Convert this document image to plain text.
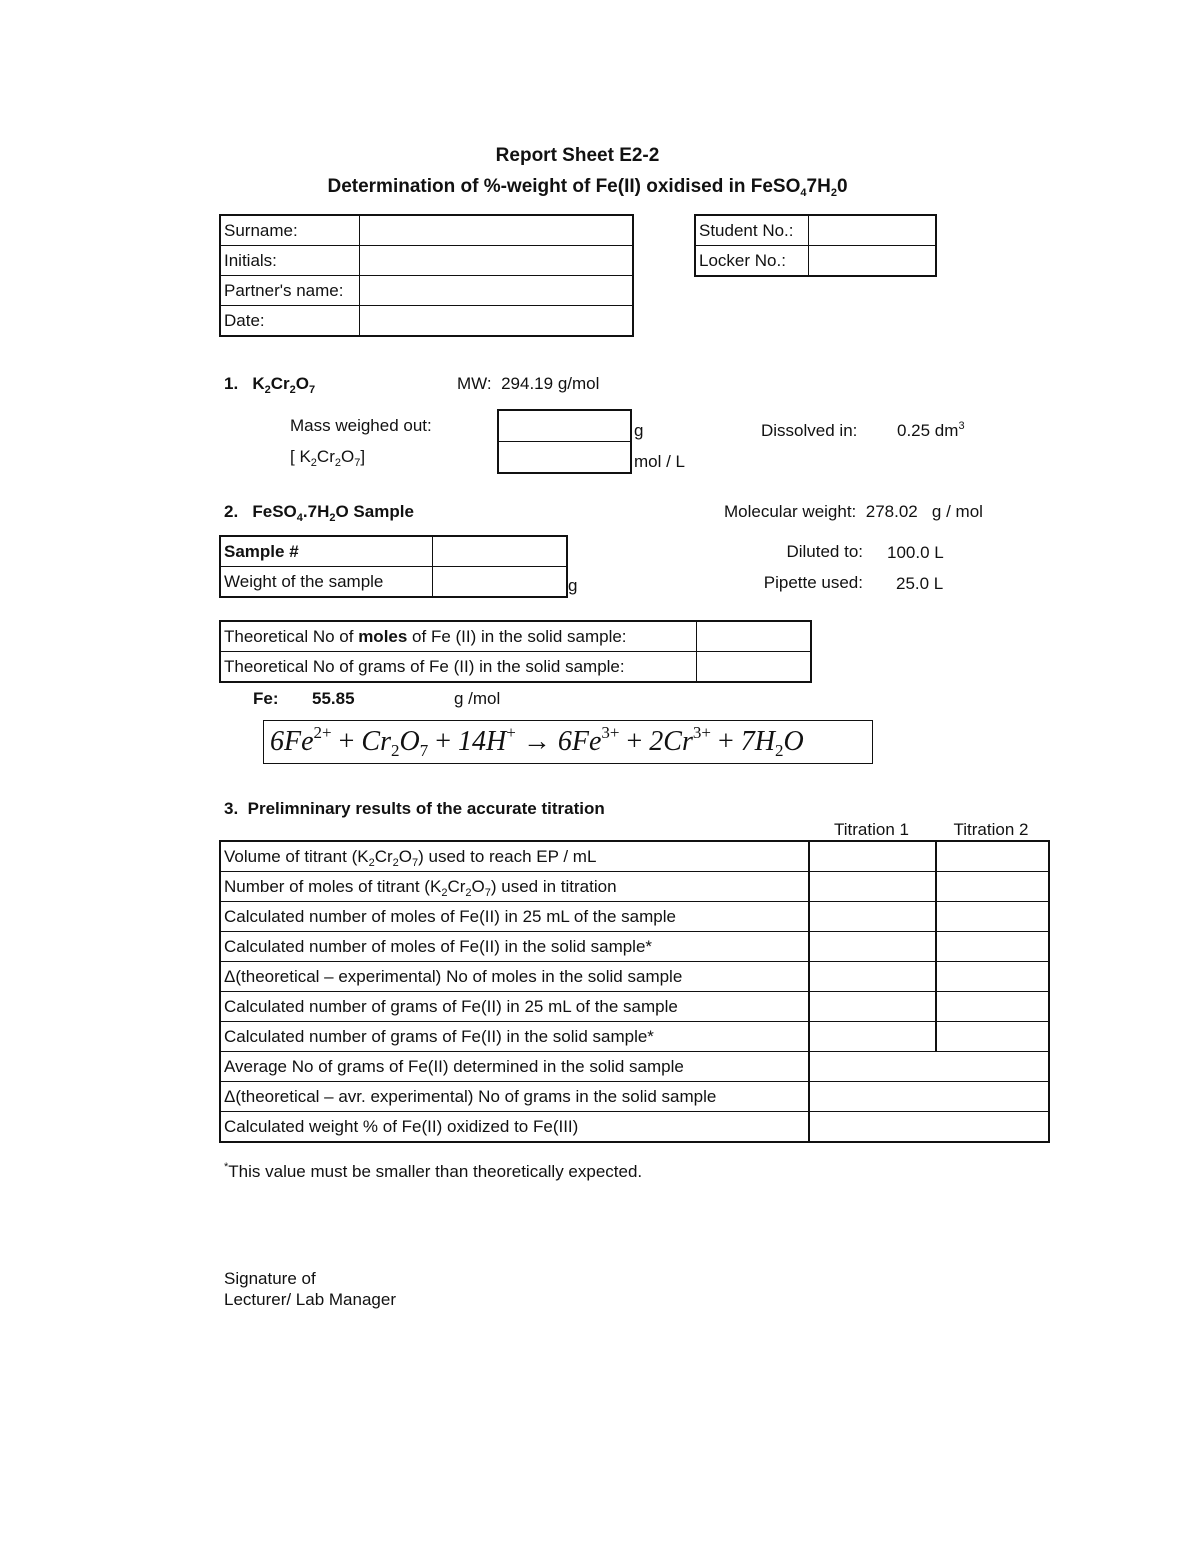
Report Sheet E2-2
Determination of %-weight of Fe(II) oxidised in $FeSO_47H_20$
Surname:	
Initials:	
Partner's name:	
Date:	
Student No.:	
Locker No.:	
1. $K_2Cr_2O_7$	MW: 294.19 g/mol
Mass weighed out:
[ $K_2Cr_2O_7$]
g
mol / L
Dissolved in: 0.25 $dm^3$
2. $FeSO_4.7H_2O$ Sample	Molecular weight: 278.02 g / mol
Sample #	
Weight of the sample		g
Diluted to: 100.0 L
Pipette used: 25.0 L
Theoretical No of moles of Fe (II) in the solid sample:	
Theoretical No of grams of Fe (II) in the solid sample:	
Fe: 55.85	g /mol
$6Fe^{2+} + Cr_2O_7 + 14H^+ \to 6Fe^{3+} + 2Cr^{3+} + 7H_2O$
3. Prelimninary results of the accurate titration
Titration 1	Titration 2
Volume of titrant $(K_2Cr_2O_7)$ used to reach EP / mL		
Number of moles of titrant $(K_2Cr_2O_7)$ used in titration		
Calculated number of moles of Fe(II) in 25 mL of the sample		
Calculated number of moles of Fe(II) in the solid sample*		
Δ(theoretical – experimental) No of moles in the solid sample		
Calculated number of grams of Fe(II) in 25 mL of the sample		
Calculated number of grams of Fe(II) in the solid sample*		
Average No of grams of Fe(II) determined in the solid sample		
Δ(theoretical – avr. experimental) No of grams in the solid sample		
Calculated weight % of Fe(II) oxidized to Fe(III)		
*This value must be smaller than theoretically expected.
Signature of
Lecturer/ Lab Manager
